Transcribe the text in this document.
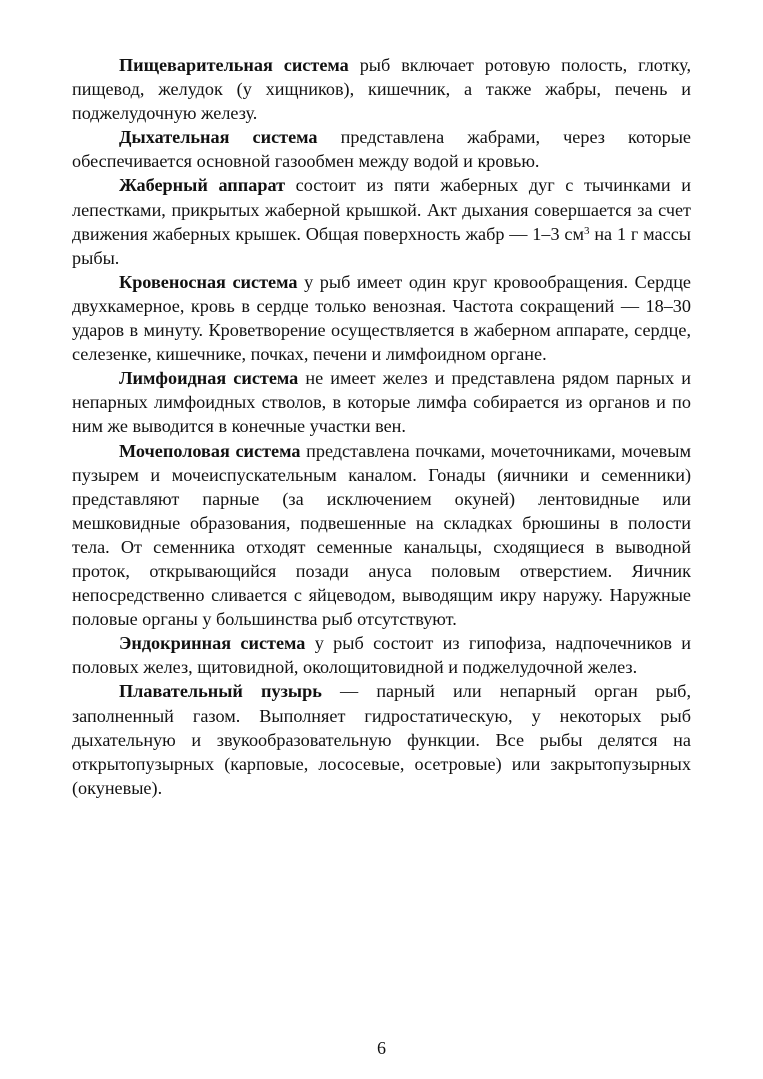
Пищеварительная система рыб включает ротовую полость, глотку, пищевод, желудок (у хищников), кишечник, а также жабры, печень и поджелудочную железу.

Дыхательная система представлена жабрами, через которые обеспечивается основной газообмен между водой и кровью.

Жаберный аппарат состоит из пяти жаберных дуг с тычинками и лепестками, прикрытых жаберной крышкой. Акт дыхания совершается за счет движения жаберных крышек. Общая поверхность жабр — 1–3 $см^3$ на 1 г массы рыбы.

Кровеносная система у рыб имеет один круг кровообращения. Сердце двухкамерное, кровь в сердце только венозная. Частота сокращений — 18–30 ударов в минуту. Кроветворение осуществляется в жаберном аппарате, сердце, селезенке, кишечнике, почках, печени и лимфоидном органе.

Лимфоидная система не имеет желез и представлена рядом парных и непарных лимфоидных стволов, в которые лимфа собирается из органов и по ним же выводится в конечные участки вен.

Мочеполовая система представлена почками, мочеточниками, мочевым пузырем и мочеиспускательным каналом. Гонады (яичники и семенники) представляют парные (за исключением окуней) лентовидные или мешковидные образования, подвешенные на складках брюшины в полости тела. От семенника отходят семенные канальцы, сходящиеся в выводной проток, открывающийся позади ануса половым отверстием. Яичник непосредственно сливается с яйцеводом, выводящим икру наружу. Наружные половые органы у большинства рыб отсутствуют.

Эндокринная система у рыб состоит из гипофиза, надпочечников и половых желез, щитовидной, околощитовидной и поджелудочной желез.

Плавательный пузырь — парный или непарный орган рыб, заполненный газом. Выполняет гидростатическую, у некоторых рыб дыхательную и звукообразовательную функции. Все рыбы делятся на открытопузырных (карповые, лососевые, осетровые) или закрытопузырных (окуневые).

6
